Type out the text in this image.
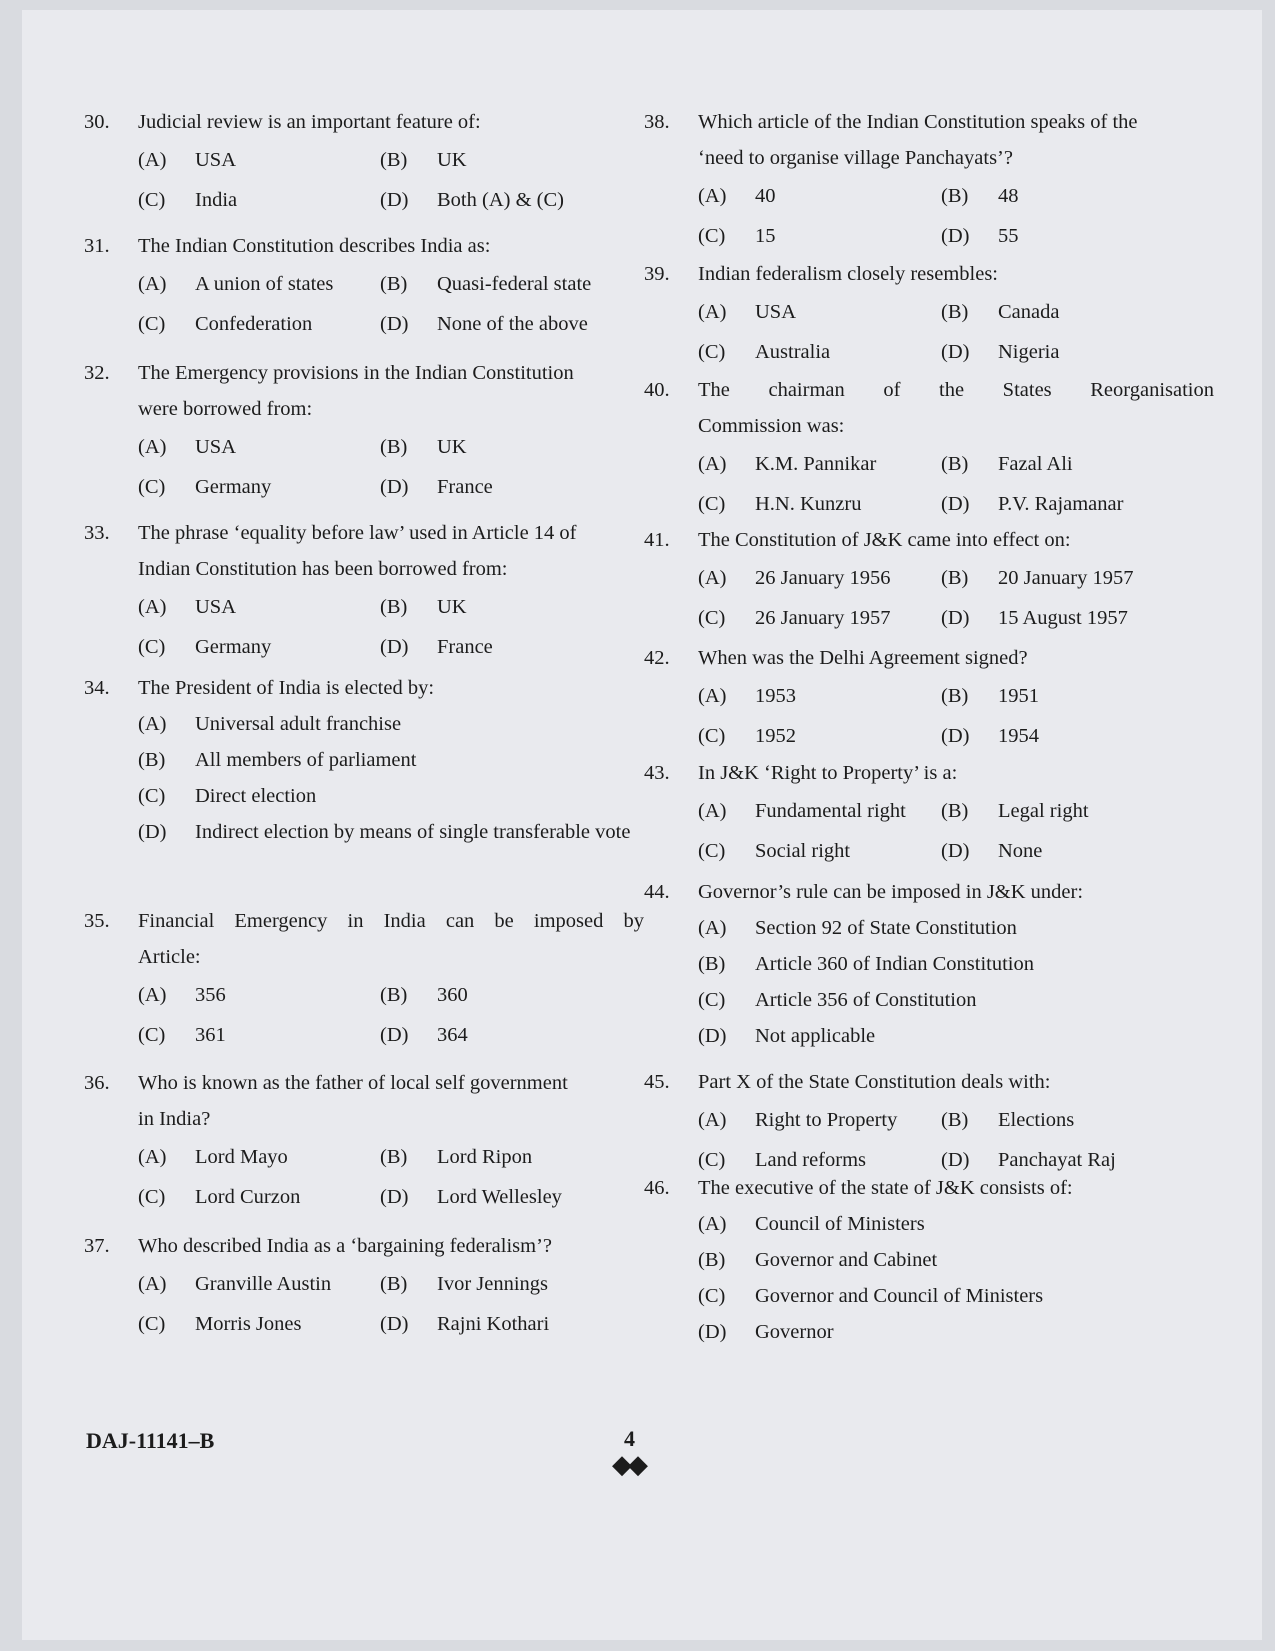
30.	Judicial review is an important feature of:
(A)	USA	(B)	UK
(C)	India	(D)	Both (A) & (C)
31.	The Indian Constitution describes India as:
(A)	A union of states (B)	Quasi-federal state
(C)	Confederation	(D)	None of the above
32.	The Emergency provisions in the Indian Constitution
were borrowed from:
(A)	USA	(B)	UK
(C)	Germany	(D)	France
33.	The phrase ‘equality before law’ used in Article 14 of
Indian Constitution has been borrowed from:
(A)	USA	(B)	UK
(C)	Germany	(D)	France
34.	The President of India is elected by:
(A)	Universal adult franchise
(B)	All members of parliament
(C)	Direct election
(D)	Indirect election by means of single transferable vote
35.	Financial Emergency in India can be imposed by
Article:
(A)	356	(B)	360
(C)	361	(D)	364
36.	Who is known as the father of local self government
in India?
(A)	Lord Mayo	(B)	Lord Ripon
(C)	Lord Curzon	(D)	Lord Wellesley
37.	Who described India as a ‘bargaining federalism’?
(A)	Granville Austin (B)	Ivor Jennings
(C)	Morris Jones	(D)	Rajni Kothari
38.	Which article of the Indian Constitution speaks of the
‘need to organise village Panchayats’?
(A)	40	(B)	48
(C)	15	(D)	55
39.	Indian federalism closely resembles:
(A)	USA	(B)	Canada
(C)	Australia	(D)	Nigeria
40.	The chairman of the States Reorganisation
Commission was:
(A)	K.M. Pannikar	(B)	Fazal Ali
(C)	H.N. Kunzru	(D)	P.V. Rajamanar
41.	The Constitution of J&K came into effect on:
(A)	26 January 1956 (B)	20 January 1957
(C)	26 January 1957 (D)	15 August 1957
42.	When was the Delhi Agreement signed?
(A)	1953	(B)	1951
(C)	1952	(D)	1954
43.	In J&K ‘Right to Property’ is a:
(A)	Fundamental right (B)	Legal right
(C)	Social right	(D)	None
44.	Governor’s rule can be imposed in J&K under:
(A)	Section 92 of State Constitution
(B)	Article 360 of Indian Constitution
(C)	Article 356 of Constitution
(D)	Not applicable
45.	Part X of the State Constitution deals with:
(A)	Right to Property (B)	Elections
(C)	Land reforms	(D)	Panchayat Raj
46.	The executive of the state of J&K consists of:
(A)	Council of Ministers
(B)	Governor and Cabinet
(C)	Governor and Council of Ministers
(D)	Governor
DAJ-11141–B	4
◆◆
